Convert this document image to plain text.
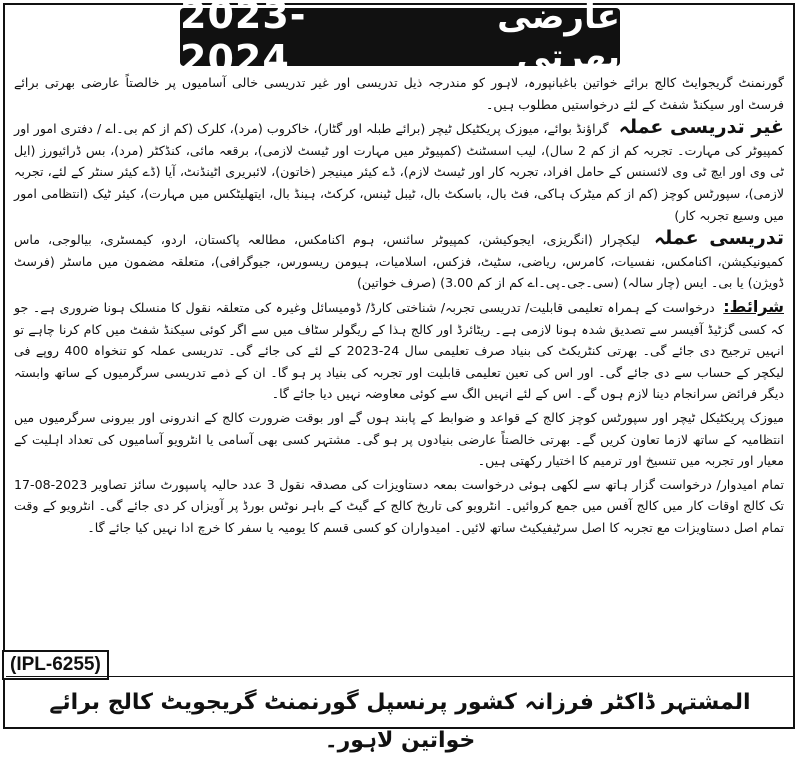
2023-2024
عارضی بھرتی

گورنمنٹ گریجوایٹ کالج برائے خواتین باغبانپورہ، لاہور کو مندرجہ ذیل تدریسی اور غیر تدریسی خالی آسامیوں پر خالصتاً عارضی بھرتی برائے فرسٹ اور سیکنڈ شفٹ کے لئے درخواستیں مطلوب ہیں۔

غیر تدریسی عملہ گراؤنڈ بوائے، میوزک پریکٹیکل ٹیچر (برائے طبلہ اور گٹار)، خاکروب (مرد)، کلرک (کم از کم بی۔اے / دفتری امور اور کمپیوٹر کی مہارت۔ تجربہ کم از کم 2 سال)، لیب اسسٹنٹ (کمپیوٹر میں مہارت اور ٹیسٹ لازمی)، برقعہ مائی، کنڈکٹر (مرد)، بس ڈرائیورز (ایل ٹی وی اور ایچ ٹی وی لائسنس کے حامل افراد، تجربہ کار اور ٹیسٹ لازم)، ڈے کیئر مینیجر (خاتون)، لائبریری اٹینڈنٹ، آیا (ڈے کیئر سنٹر کے لئے، تجربہ لازمی)، سپورٹس کوچز (کم از کم میٹرک ہاکی، فٹ بال، باسکٹ بال، ٹیبل ٹینس، کرکٹ، ہینڈ بال، ایتھلیٹکس میں مہارت)، کیئر ٹیک (انتظامی امور میں وسیع تجربہ کار)

تدریسی عملہ لیکچرار (انگریزی، ایجوکیشن، کمپیوٹر سائنس، ہوم اکنامکس، مطالعہ پاکستان، اردو، کیمسٹری، بیالوجی، ماس کمیونیکیشن، اکنامکس، نفسیات، کامرس، ریاضی، سٹیٹ، فزکس، اسلامیات، ہیومن ریسورس، جیوگرافی)، متعلقہ مضمون میں ماسٹر (فرسٹ ڈویژن) یا بی۔ ایس (چار سالہ) (سی۔جی۔پی۔اے کم از کم 3.00) (صرف خواتین)

شرائط: درخواست کے ہمراہ تعلیمی قابلیت/ تدریسی تجربہ/ شناختی کارڈ/ ڈومیسائل وغیرہ کی متعلقہ نقول کا منسلک ہونا ضروری ہے۔ جو کہ کسی گزٹیڈ آفیسر سے تصدیق شدہ ہونا لازمی ہے۔ ریٹائرڈ اور کالج ہذا کے ریگولر سٹاف میں سے اگر کوئی سیکنڈ شفٹ میں کام کرنا چاہے تو انہیں ترجیح دی جائے گی۔ بھرتی کنٹریکٹ کی بنیاد صرف تعلیمی سال 24-2023 کے لئے کی جائے گی۔ تدریسی عملہ کو تنخواہ 400 روپے فی لیکچر کے حساب سے دی جائے گی۔ اور اس کی تعین تعلیمی قابلیت اور تجربہ کی بنیاد پر ہو گا۔ ان کے ذمے تدریسی سرگرمیوں کے ساتھ وابستہ دیگر فرائض سرانجام دینا لازم ہوں گے۔ اس کے لئے انہیں الگ سے کوئی معاوضہ نہیں دیا جائے گا۔

میوزک پریکٹیکل ٹیچر اور سپورٹس کوچز کالج کے قواعد و ضوابط کے پابند ہوں گے اور بوقت ضرورت کالج کے اندرونی اور بیرونی سرگرمیوں میں انتظامیہ کے ساتھ لازما تعاون کریں گے۔ بھرتی خالصتاً عارضی بنیادوں پر ہو گی۔ مشتہر کسی بھی آسامی یا انٹرویو آسامیوں کی تعداد اہلیت کے معیار اور تجربہ میں تنسیخ اور ترمیم کا اختیار رکھتی ہیں۔

تمام امیدوار/ درخواست گزار ہاتھ سے لکھی ہوئی درخواست بمعہ دستاویزات کی مصدقہ نقول 3 عدد حالیہ پاسپورٹ سائز تصاویر 2023-08-17 تک کالج اوقات کار میں کالج آفس میں جمع کروائیں۔ انٹرویو کی تاریخ کالج کے گیٹ کے باہر نوٹس بورڈ پر آویزاں کر دی جائے گی۔ انٹرویو کے وقت تمام اصل دستاویزات مع تجربہ کا اصل سرٹیفیکیٹ ساتھ لائیں۔ امیدواران کو کسی قسم کا یومیہ یا سفر کا خرچ ادا نہیں کیا جائے گا۔

(IPL-6255)
المشتہر ڈاکٹر فرزانہ کشور پرنسپل گورنمنٹ گریجویٹ کالج برائے خواتین لاہور۔
